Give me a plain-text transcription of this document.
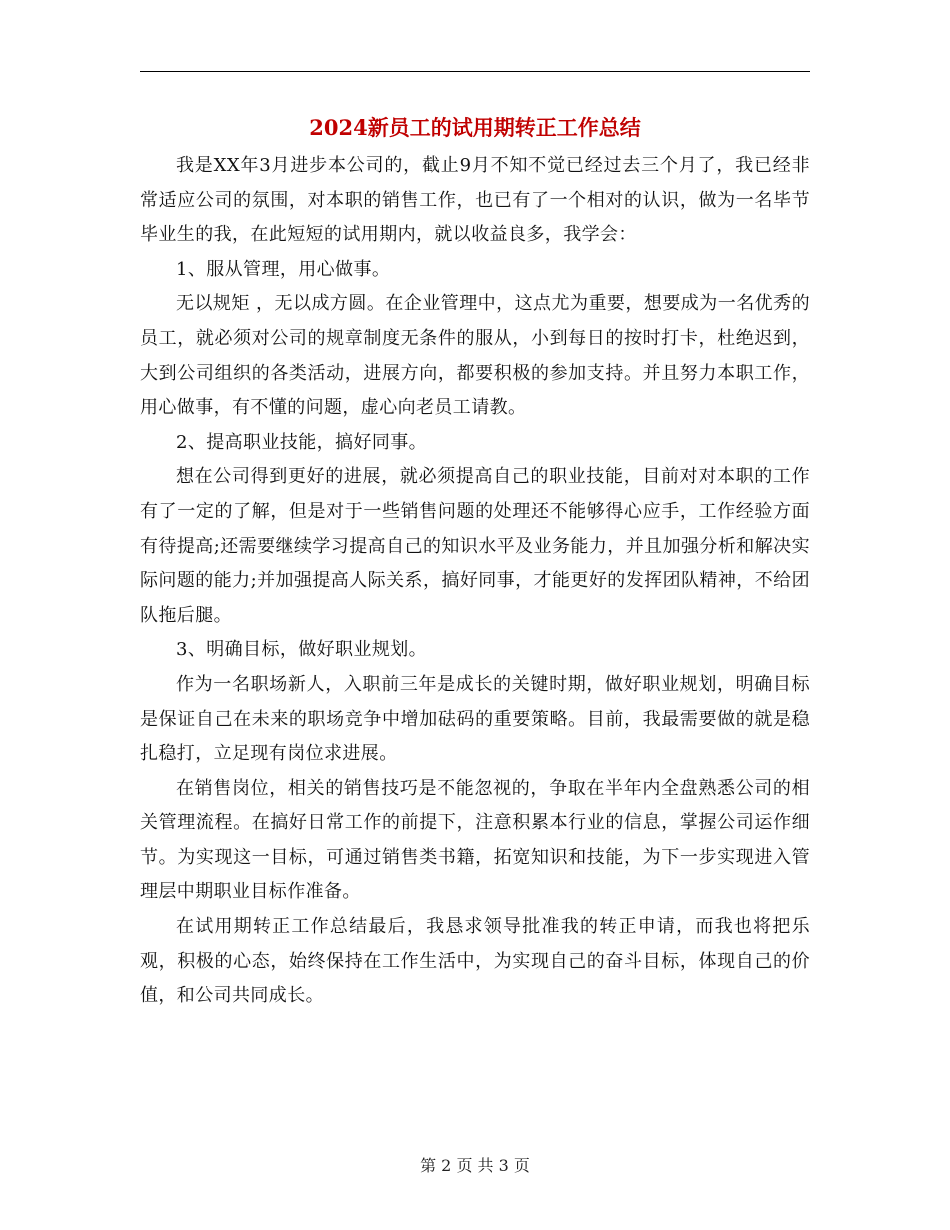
2024新员工的试用期转正工作总结

我是XX年3月进步本公司的，截止9月不知不觉已经过去三个月了，我已经非常适应公司的氛围，对本职的销售工作，也已有了一个相对的认识，做为一名毕节毕业生的我，在此短短的试用期内，就以收益良多，我学会：

1、服从管理，用心做事。

无以规矩 ，无以成方圆。在企业管理中，这点尤为重要，想要成为一名优秀的员工，就必须对公司的规章制度无条件的服从，小到每日的按时打卡，杜绝迟到，大到公司组织的各类活动，进展方向，都要积极的参加支持。并且努力本职工作，用心做事，有不懂的问题，虚心向老员工请教。

2、提高职业技能，搞好同事。

想在公司得到更好的进展，就必须提高自己的职业技能，目前对对本职的工作有了一定的了解，但是对于一些销售问题的处理还不能够得心应手，工作经验方面有待提高;还需要继续学习提高自己的知识水平及业务能力，并且加强分析和解决实际问题的能力;并加强提高人际关系，搞好同事，才能更好的发挥团队精神，不给团队拖后腿。

3、明确目标，做好职业规划。

作为一名职场新人，入职前三年是成长的关键时期，做好职业规划，明确目标是保证自己在未来的职场竞争中增加砝码的重要策略。目前，我最需要做的就是稳扎稳打，立足现有岗位求进展。

在销售岗位，相关的销售技巧是不能忽视的，争取在半年内全盘熟悉公司的相关管理流程。在搞好日常工作的前提下，注意积累本行业的信息，掌握公司运作细节。为实现这一目标，可通过销售类书籍，拓宽知识和技能，为下一步实现进入管理层中期职业目标作准备。

在试用期转正工作总结最后，我恳求领导批准我的转正申请，而我也将把乐观，积极的心态，始终保持在工作生活中，为实现自己的奋斗目标，体现自己的价值，和公司共同成长。

第 2 页 共 3 页
